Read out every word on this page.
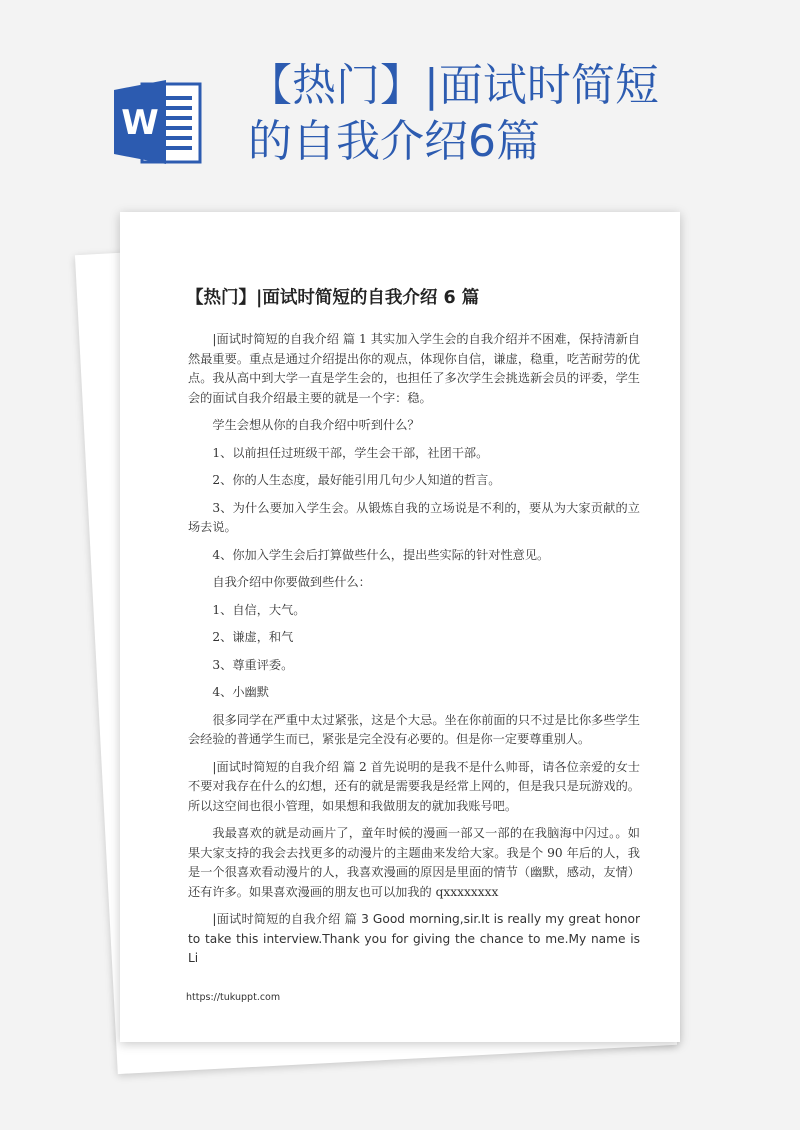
W
【热门】|面试时简短
的自我介绍6篇
【热门】|面试时简短的自我介绍 6 篇

|面试时简短的自我介绍 篇 1 其实加入学生会的自我介绍并不困难，保持清新自然最重要。重点是通过介绍提出你的观点，体现你自信，谦虚，稳重，吃苦耐劳的优点。我从高中到大学一直是学生会的，也担任了多次学生会挑选新会员的评委，学生会的面试自我介绍最主要的就是一个字：稳。

学生会想从你的自我介绍中听到什么？

1、以前担任过班级干部，学生会干部，社团干部。

2、你的人生态度，最好能引用几句少人知道的哲言。

3、为什么要加入学生会。从锻炼自我的立场说是不利的，要从为大家贡献的立场去说。

4、你加入学生会后打算做些什么，提出些实际的针对性意见。

自我介绍中你要做到些什么：

1、自信，大气。

2、谦虚，和气

3、尊重评委。

4、小幽默

很多同学在严重中太过紧张，这是个大忌。坐在你前面的只不过是比你多些学生会经验的普通学生而已，紧张是完全没有必要的。但是你一定要尊重别人。

|面试时简短的自我介绍 篇 2 首先说明的是我不是什么帅哥，请各位亲爱的女士不要对我存在什么的幻想，还有的就是需要我是经常上网的，但是我只是玩游戏的。所以这空间也很小管理，如果想和我做朋友的就加我账号吧。

我最喜欢的就是动画片了，童年时候的漫画一部又一部的在我脑海中闪过。。如果大家支持的我会去找更多的动漫片的主题曲来发给大家。我是个 90 年后的人，我是一个很喜欢看动漫片的人，我喜欢漫画的原因是里面的情节（幽默，感动，友情）还有许多。如果喜欢漫画的朋友也可以加我的 qxxxxxxxx

|面试时简短的自我介绍 篇 3 Good morning,sir.It is really my great honor to take this interview.Thank you for giving the chance to me.My name is Li

https://tukuppt.com
